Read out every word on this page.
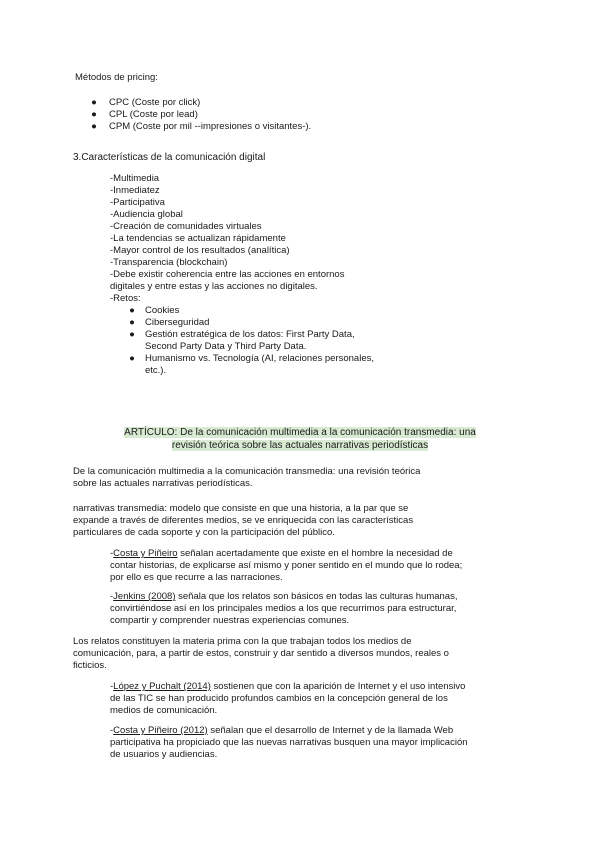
Métodos de pricing:
●	CPC (Coste por click)
●	CPL (Coste por lead)
●	CPM (Coste por mil --impresiones o visitantes-).
3.Características de la comunicación digital
-Multimedia
-Inmediatez
-Participativa
-Audiencia global
-Creación de comunidades virtuales
-La tendencias se actualizan rápidamente
-Mayor control de los resultados (analítica)
-Transparencia (blockchain)
-Debe existir coherencia entre las acciones en entornos
digitales y entre estas y las acciones no digitales.
-Retos:
●	Cookies
●	Ciberseguridad
●	Gestión estratégica de los datos: First Party Data,
Second Party Data y Third Party Data.
●	Humanismo vs. Tecnología (AI, relaciones personales,
etc.).
ARTÍCULO: De la comunicación multimedia a la comunicación transmedia: una
revisión teórica sobre las actuales narrativas periodísticas
De la comunicación multimedia a la comunicación transmedia: una revisión teórica
sobre las actuales narrativas periodísticas.
narrativas transmedia: modelo que consiste en que una historia, a la par que se
expande a través de diferentes medios, se ve enriquecida con las características
particulares de cada soporte y con la participación del público.
-Costa y Piñeiro señalan acertadamente que existe en el hombre la necesidad de
contar historias, de explicarse así mismo y poner sentido en el mundo que lo rodea;
por ello es que recurre a las narraciones.
-Jenkins (2008) señala que los relatos son básicos en todas las culturas humanas,
convirtiéndose así en los principales medios a los que recurrimos para estructurar,
compartir y comprender nuestras experiencias comunes.
Los relatos constituyen la materia prima con la que trabajan todos los medios de
comunicación, para, a partir de estos, construir y dar sentido a diversos mundos, reales o
ficticios.
-López y Puchalt (2014) sostienen que con la aparición de Internet y el uso intensivo
de las TIC se han producido profundos cambios en la concepción general de los
medios de comunicación.
-Costa y Piñeiro (2012) señalan que el desarrollo de Internet y de la llamada Web
participativa ha propiciado que las nuevas narrativas busquen una mayor implicación
de usuarios y audiencias.
